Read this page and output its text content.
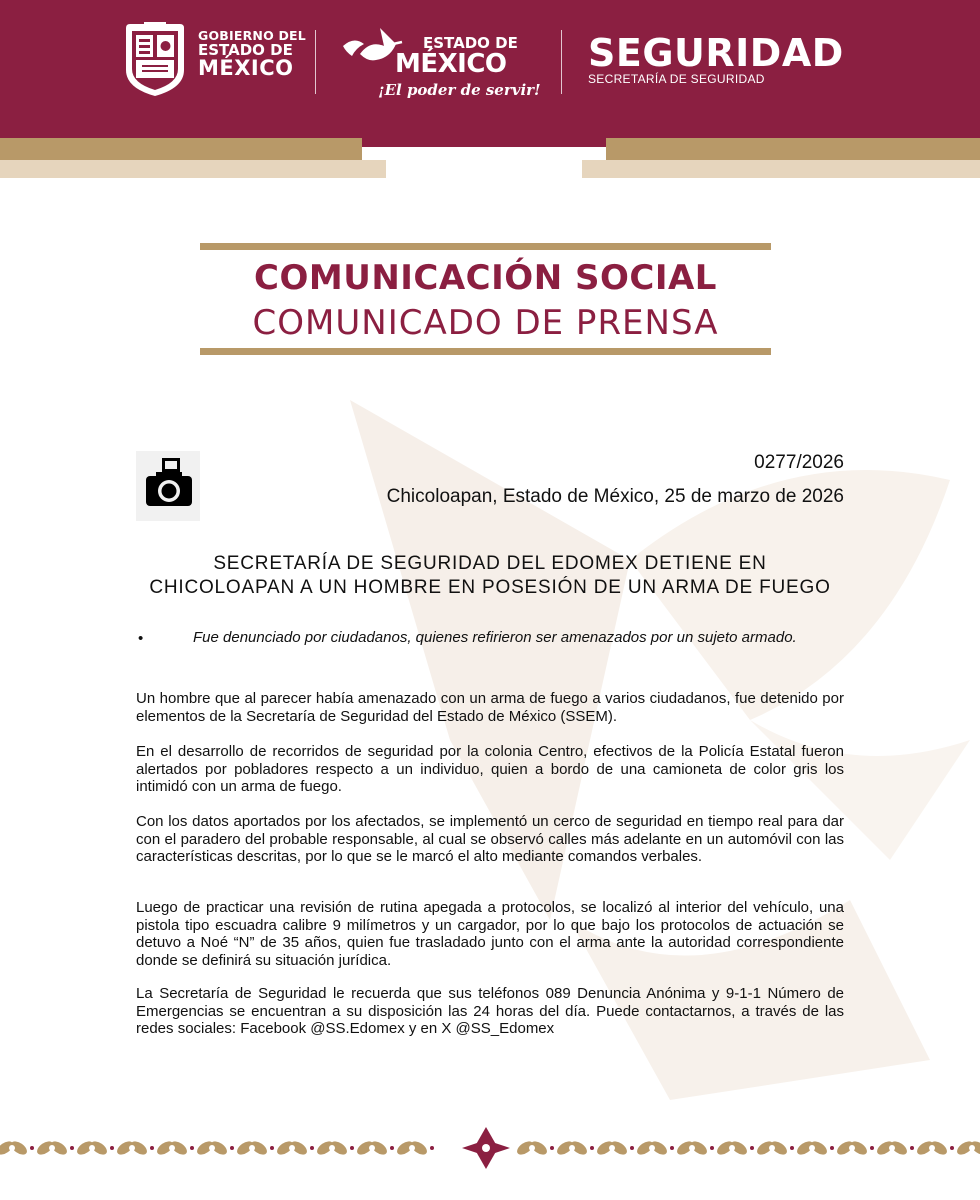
GOBIERNO DEL
ESTADO DE
MÉXICO
ESTADO DE
MÉXICO
¡El poder de servir!
SEGURIDAD
SECRETARÍA DE SEGURIDAD
COMUNICACIÓN SOCIAL
COMUNICADO DE PRENSA
0277/2026
Chicoloapan, Estado de México, 25 de marzo de 2026
SECRETARÍA DE SEGURIDAD DEL EDOMEX DETIENE EN
CHICOLOAPAN A UN HOMBRE EN POSESIÓN DE UN ARMA DE FUEGO
•	Fue denunciado por ciudadanos, quienes refirieron ser amenazados por un sujeto armado.
Un hombre que al parecer había amenazado con un arma de fuego a varios ciudadanos, fue detenido por elementos de la Secretaría de Seguridad del Estado de México (SSEM).
En el desarrollo de recorridos de seguridad por la colonia Centro, efectivos de la Policía Estatal fueron alertados por pobladores respecto a un individuo, quien a bordo de una camioneta de color gris los intimidó con un arma de fuego.
Con los datos aportados por los afectados, se implementó un cerco de seguridad en tiempo real para dar con el paradero del probable responsable, al cual se observó calles más adelante en un automóvil con las características descritas, por lo que se le marcó el alto mediante comandos verbales.
Luego de practicar una revisión de rutina apegada a protocolos, se localizó al interior del vehículo, una pistola tipo escuadra calibre 9 milímetros y un cargador, por lo que bajo los protocolos de actuación se detuvo a Noé “N” de 35 años, quien fue trasladado junto con el arma ante la autoridad correspondiente donde se definirá su situación jurídica.
La Secretaría de Seguridad le recuerda que sus teléfonos 089 Denuncia Anónima y 9-1-1 Número de Emergencias se encuentran a su disposición las 24 horas del día. Puede contactarnos, a través de las redes sociales: Facebook @SS.Edomex y en X @SS_Edomex
